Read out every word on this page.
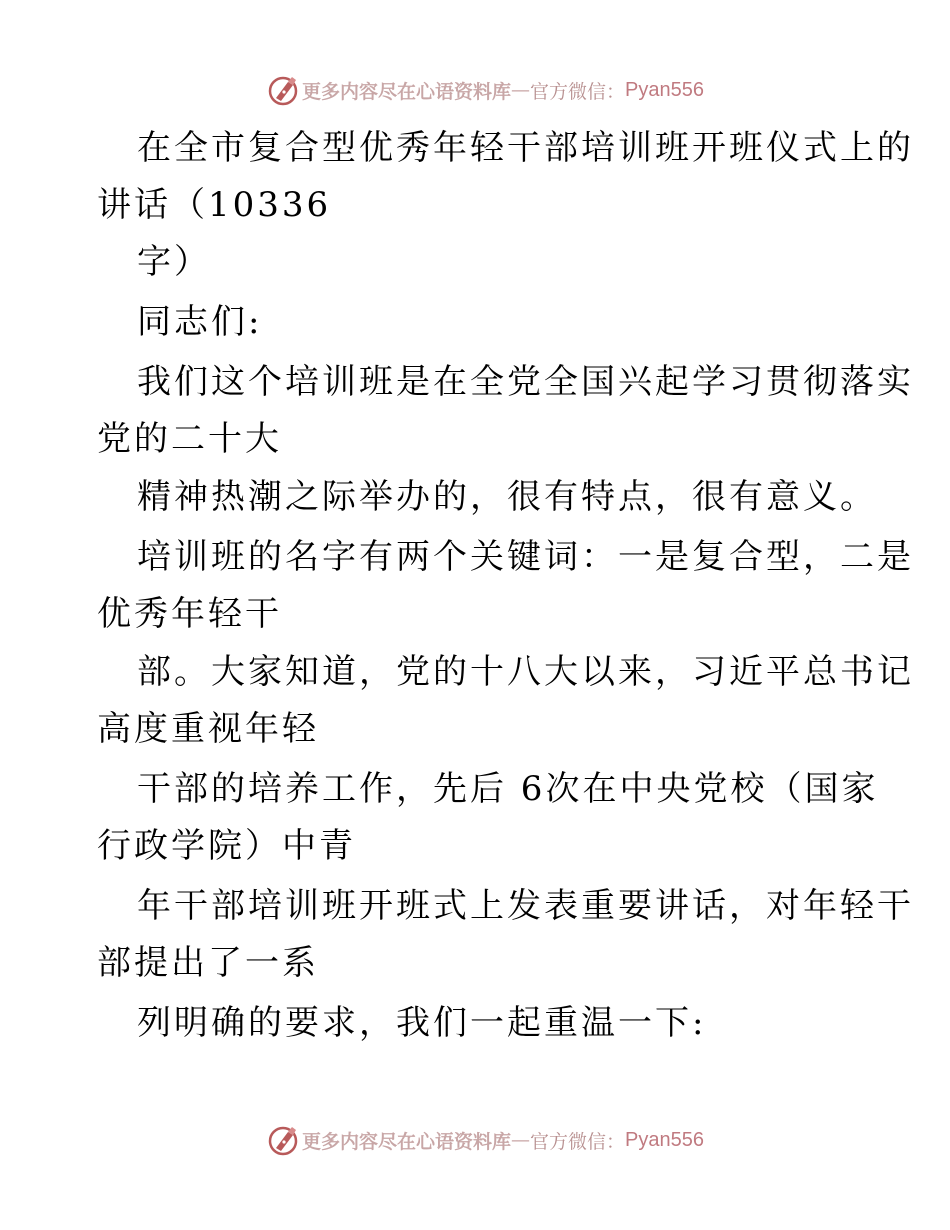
更多内容尽在心语资料库 — 官方微信： Pyan556
在全市复合型优秀年轻干部培训班开班仪式上的
讲话（10336
字）
同志们:
我们这个培训班是在全党全国兴起学习贯彻落实
党的二十大
精神热潮之际举办的，很有特点，很有意义。
培训班的名字有两个关键词：一是复合型，二是
优秀年轻干
部。大家知道，党的十八大以来，习近平总书记
高度重视年轻
干部的培养工作，先后 6次在中央党校（国家
行政学院）中青
年干部培训班开班式上发表重要讲话，对年轻干
部提出了一系
列明确的要求，我们一起重温一下:
更多内容尽在心语资料库 — 官方微信： Pyan556
